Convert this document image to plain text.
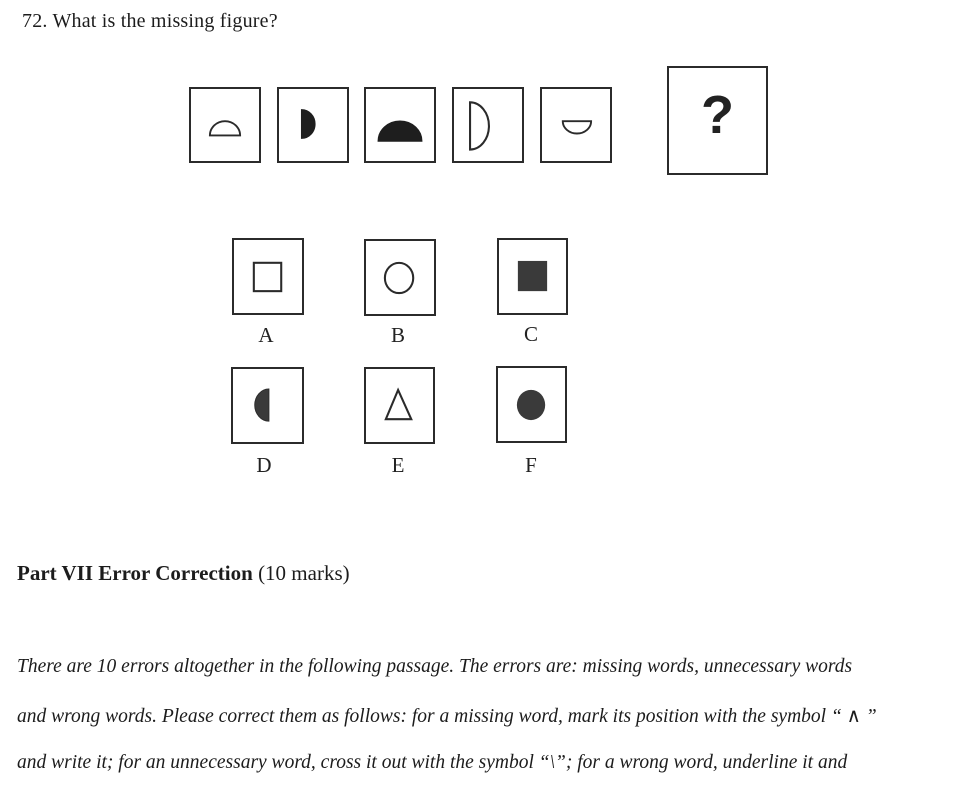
72. What is the missing figure?
?
A	B	C
D	E	F
Part VII Error Correction (10 marks)
There are 10 errors altogether in the following passage. The errors are: missing words, unnecessary words
and wrong words. Please correct them as follows: for a missing word, mark its position with the symbol “ ∧ ”
and write it; for an unnecessary word, cross it out with the symbol “\”; for a wrong word, underline it and
